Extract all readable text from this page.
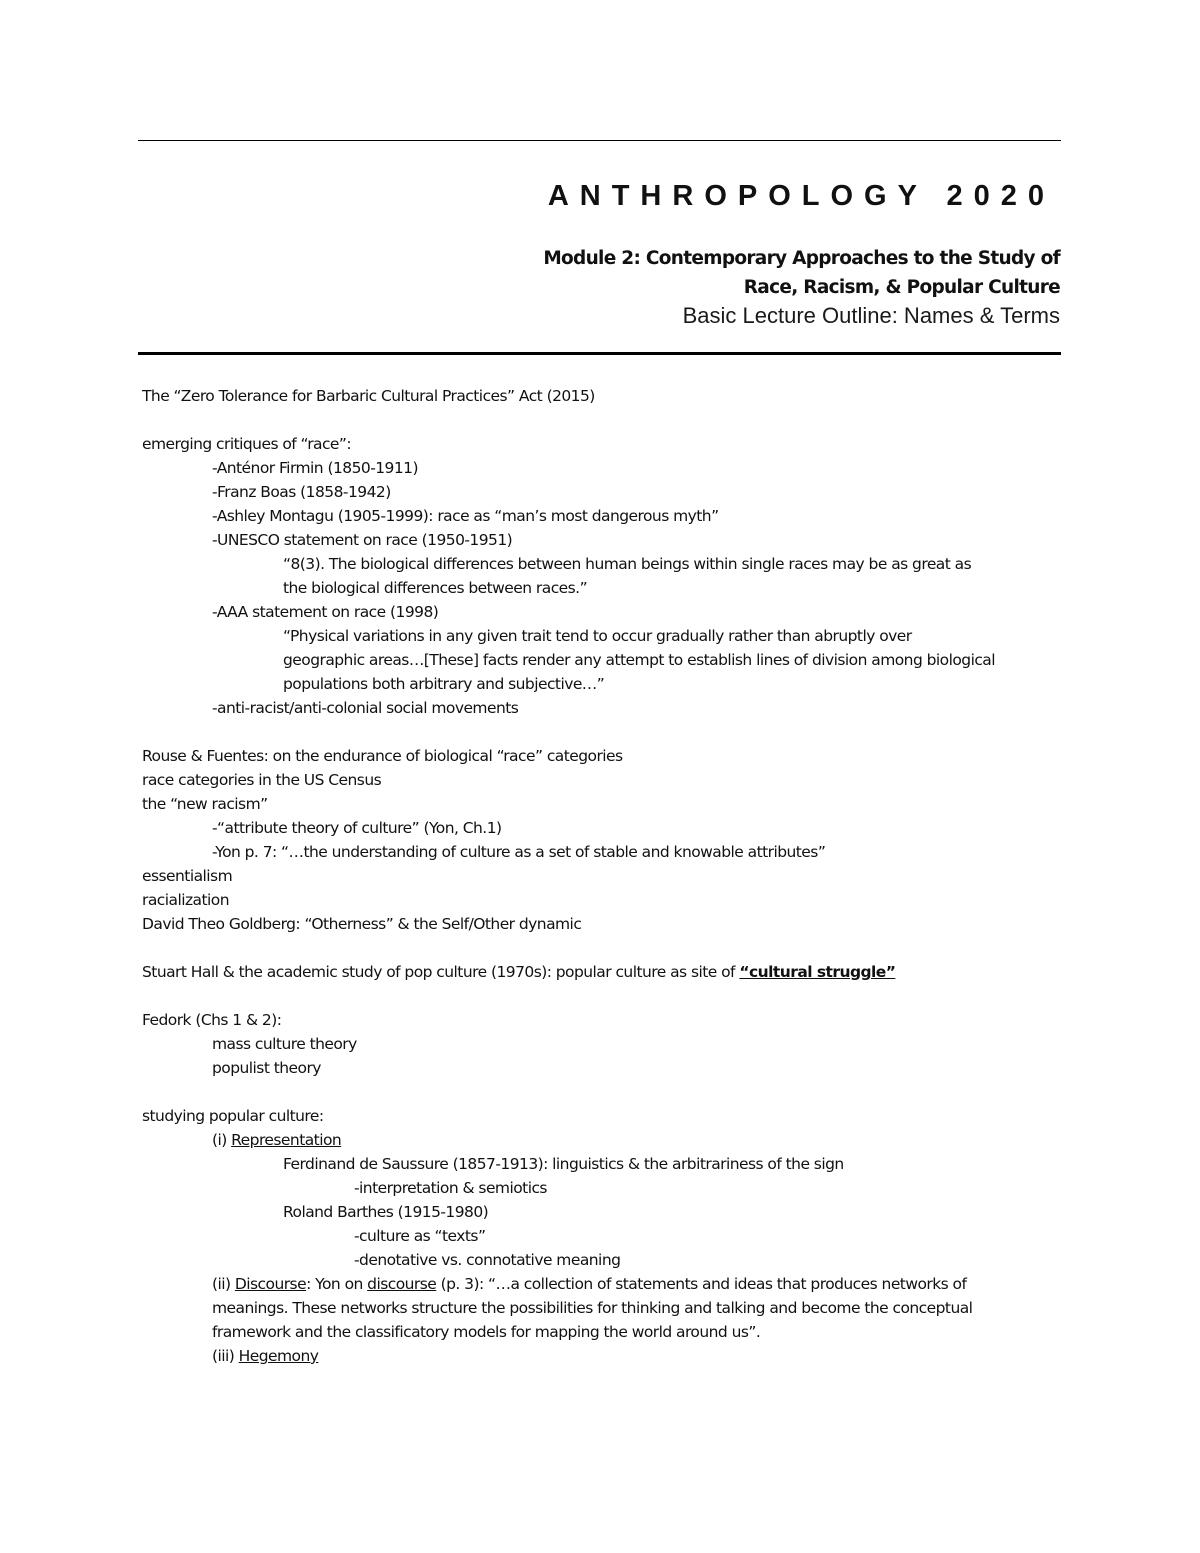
ANTHROPOLOGY 2020
Module 2: Contemporary Approaches to the Study of
Race, Racism, & Popular Culture
Basic Lecture Outline: Names & Terms
The “Zero Tolerance for Barbaric Cultural Practices” Act (2015)
emerging critiques of “race”:
-Anténor Firmin (1850-1911)
-Franz Boas (1858-1942)
-Ashley Montagu (1905-1999): race as “man’s most dangerous myth”
-UNESCO statement on race (1950-1951)
“8(3). The biological differences between human beings within single races may be as great as
the biological differences between races.”
-AAA statement on race (1998)
“Physical variations in any given trait tend to occur gradually rather than abruptly over
geographic areas…[These] facts render any attempt to establish lines of division among biological
populations both arbitrary and subjective…”
-anti-racist/anti-colonial social movements
Rouse & Fuentes: on the endurance of biological “race” categories
race categories in the US Census
the “new racism”
-“attribute theory of culture” (Yon, Ch.1)
-Yon p. 7: “…the understanding of culture as a set of stable and knowable attributes”
essentialism
racialization
David Theo Goldberg: “Otherness” & the Self/Other dynamic
Stuart Hall & the academic study of pop culture (1970s): popular culture as site of “cultural struggle”
Fedork (Chs 1 & 2):
mass culture theory
populist theory
studying popular culture:
(i) Representation
Ferdinand de Saussure (1857-1913): linguistics & the arbitrariness of the sign
-interpretation & semiotics
Roland Barthes (1915-1980)
-culture as “texts”
-denotative vs. connotative meaning
(ii) Discourse: Yon on discourse (p. 3): “…a collection of statements and ideas that produces networks of
meanings. These networks structure the possibilities for thinking and talking and become the conceptual
framework and the classificatory models for mapping the world around us”.
(iii) Hegemony
